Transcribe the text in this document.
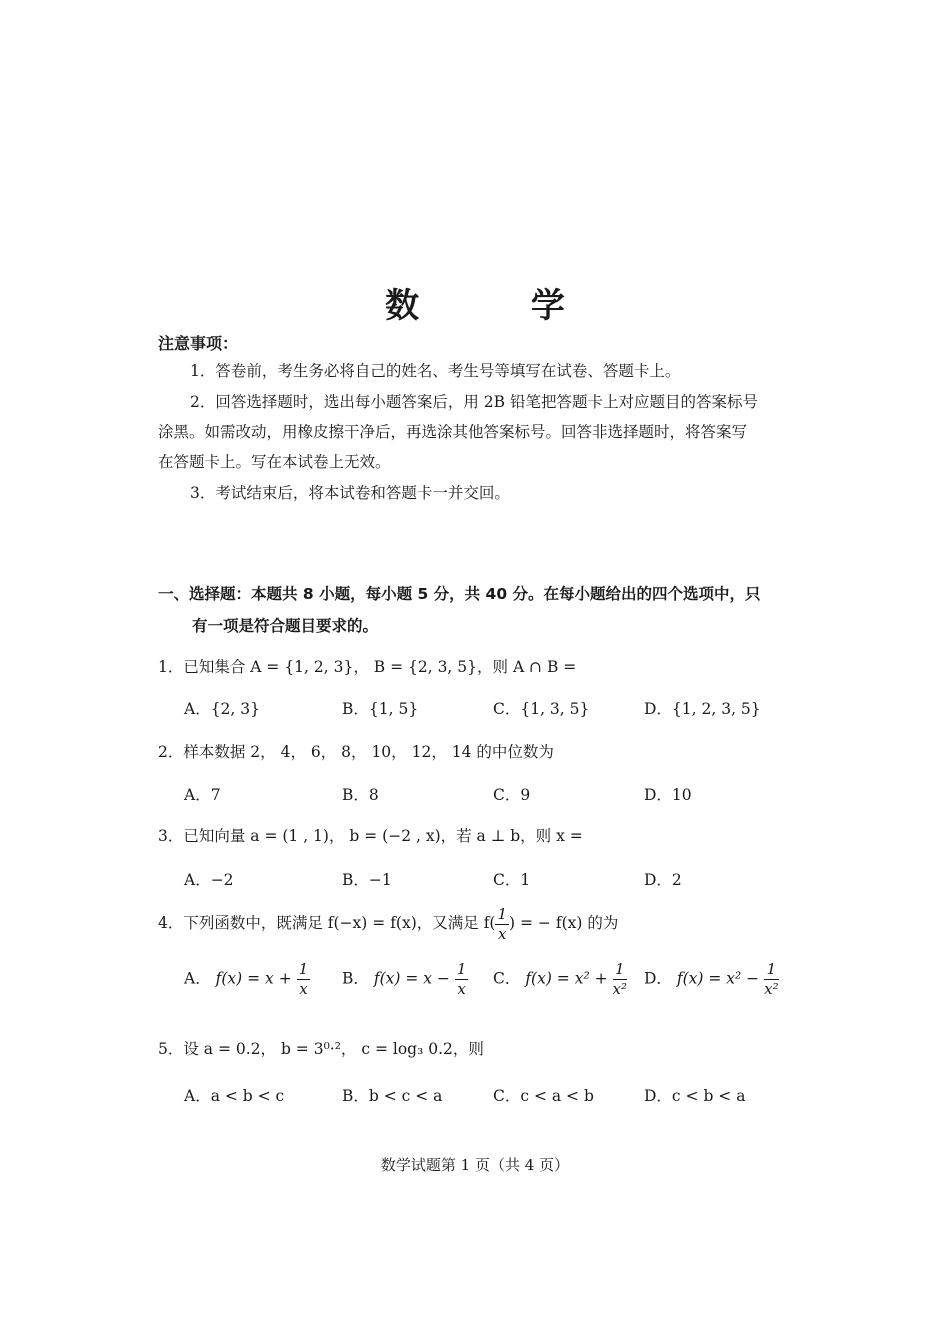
数 学
注意事项：
1．答卷前，考生务必将自己的姓名、考生号等填写在试卷、答题卡上。
2．回答选择题时，选出每小题答案后，用 2B 铅笔把答题卡上对应题目的答案标号
涂黑。如需改动，用橡皮擦干净后，再选涂其他答案标号。回答非选择题时，将答案写
在答题卡上。写在本试卷上无效。
3．考试结束后，将本试卷和答题卡一并交回。
一、选择题：本题共 8 小题，每小题 5 分，共 40 分。在每小题给出的四个选项中，只
有一项是符合题目要求的。
1．已知集合 A = {1, 2, 3}， B = {2, 3, 5}，则 A ∩ B =
A．{2, 3}	B．{1, 5}	C．{1, 3, 5}	D．{1, 2, 3, 5}
2．样本数据 2， 4， 6， 8， 10， 12， 14 的中位数为
A．7	B．8	C．9	D．10
3．已知向量 a = (1 , 1)， b = (−2 , x)，若 a ⊥ b，则 x =
A．−2	B．−1	C．1	D．2
4．下列函数中，既满足 f(−x) = f(x)，又满足 $f( \frac{1}{x}$ ) = − f(x) 的为
A． $f(x) = x + \frac{1}{x}$ B． $f(x) = x - \frac{1}{x}$ C． $f(x) = x^2 + \frac{1}{\text{x²}}$ D． $f(x) = x^2 - \frac{1}{\text{x²}}$
5．设 a = 0.2， b = 3⁰·²， c = log₃ 0.2，则
A．a < b < c	B．b < c < a	C．c < a < b	D．c < b < a
数学试题第 1 页（共 4 页）
